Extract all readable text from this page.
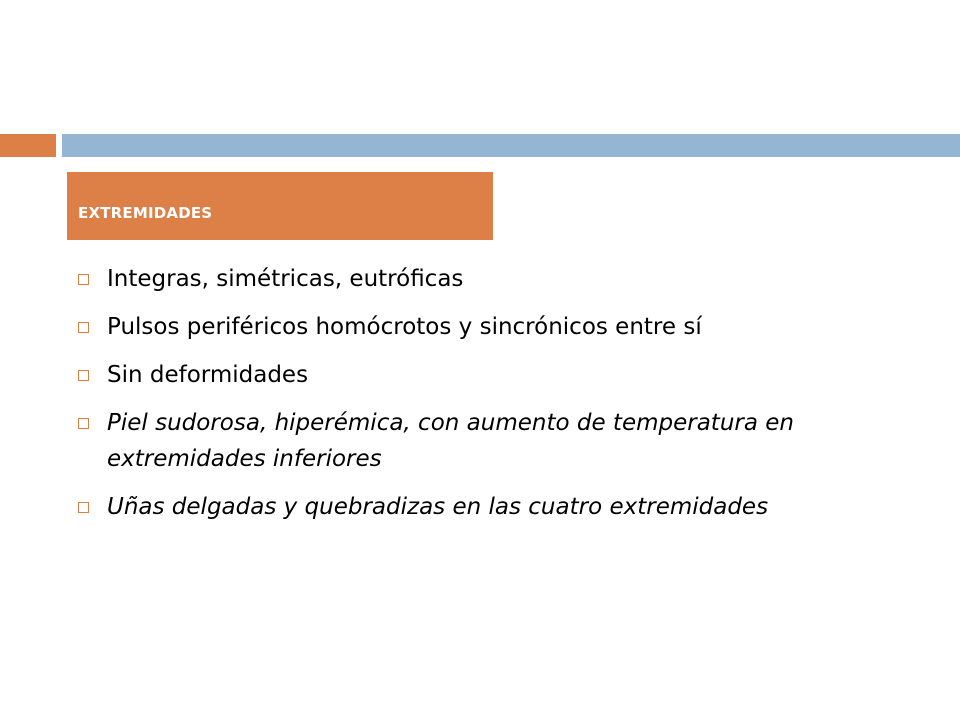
EXTREMIDADES
Integras, simétricas, eutróficas
Pulsos periféricos homócrotos y sincrónicos entre sí
Sin deformidades
Piel sudorosa, hiperémica, con aumento de temperatura en extremidades inferiores
Uñas delgadas y quebradizas en las cuatro extremidades
